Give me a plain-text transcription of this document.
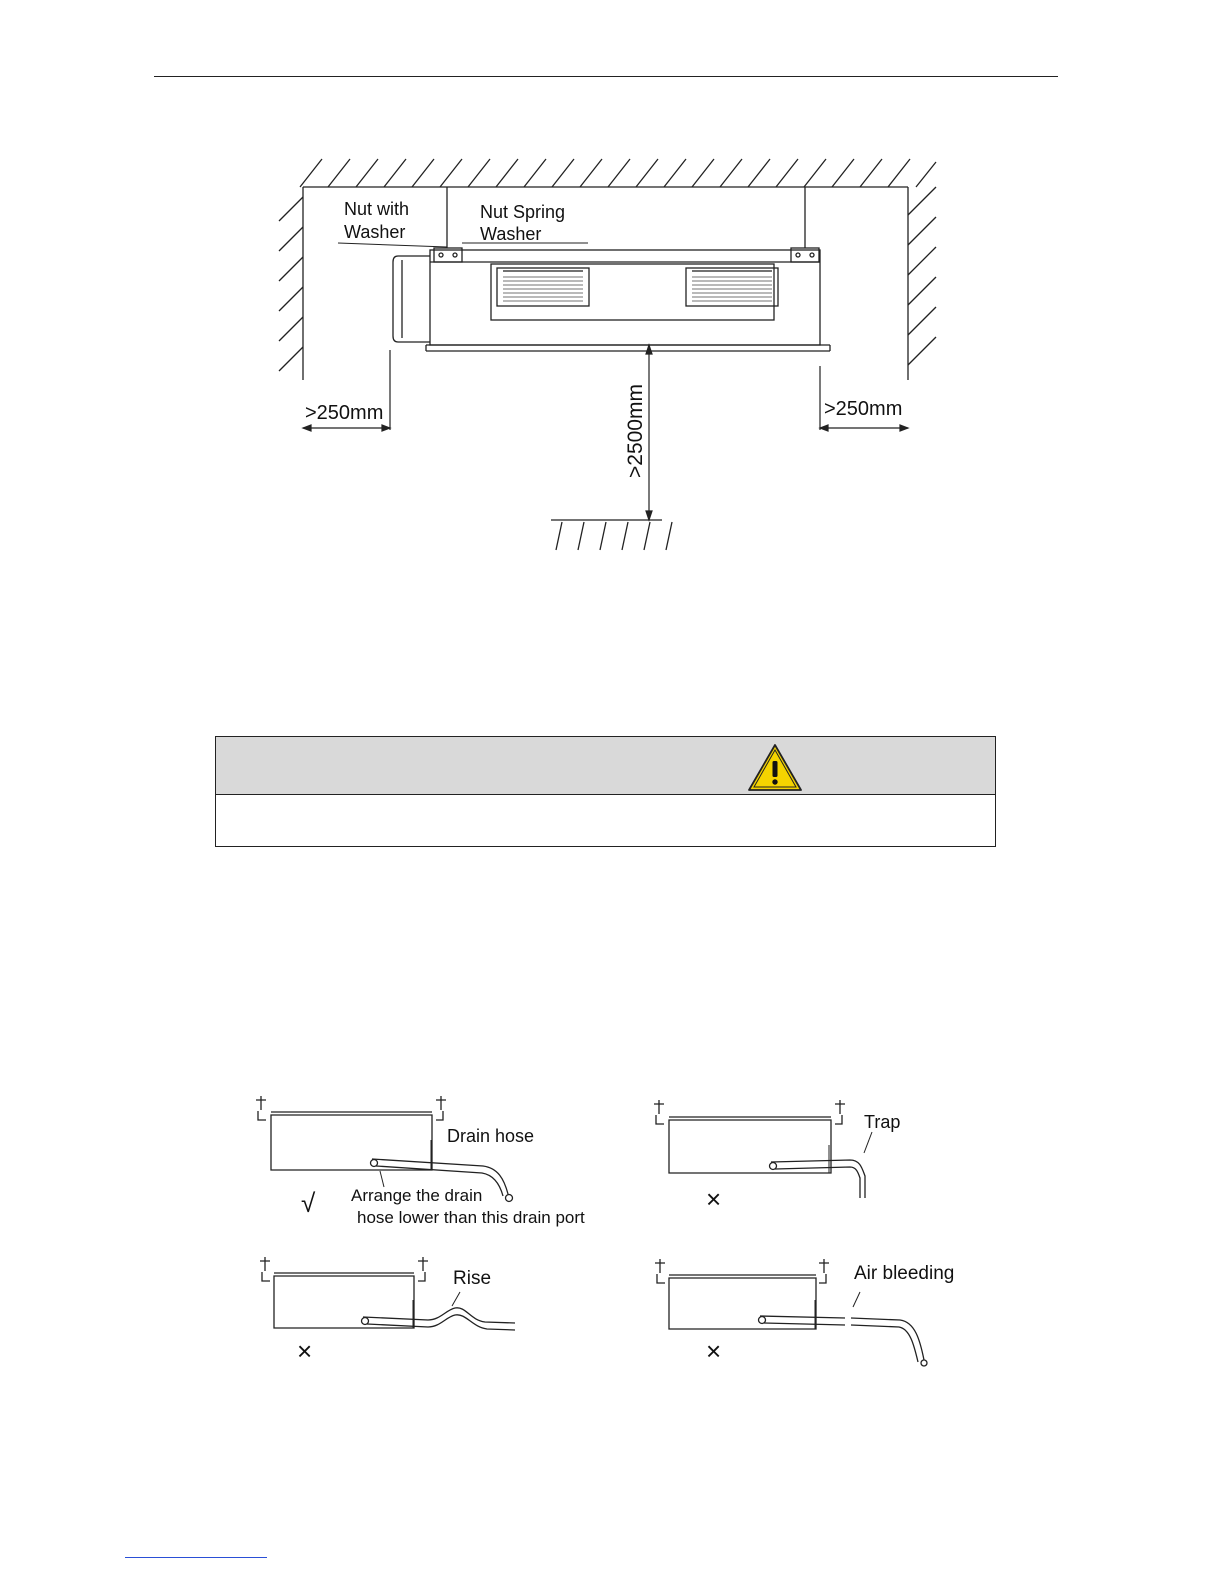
Nut with
Washer
Nut Spring
Washer
>250mm	>250mm
>2500mm
Drain hose
Arrange the drain
hose lower than this drain port
√
Trap
×
Rise
×
Air bleeding
×
